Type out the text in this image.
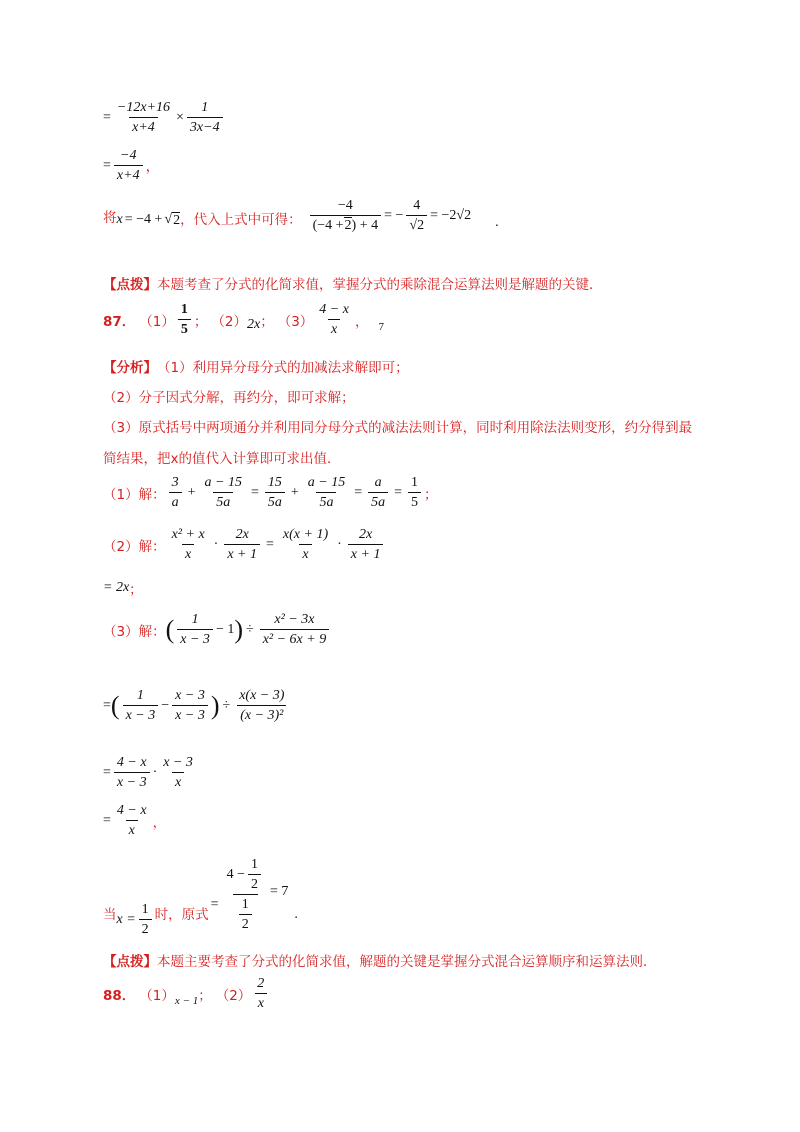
= $\frac{-12x+16}{x+4} \times \frac{1}{3x-4}$
= $\frac{-4}{x+4}$ ，
将 x = −4 + √ 2 ，代入上式中可得： $\frac{-4}{(-4 +2) + 4}$ = − $\frac{4}{√2} = -2√2$ .
【点拨】 本题考查了分式的化简求值，掌握分式的乘除混合运算法则是解题的关键．
87． $(1) \frac{1}{5}$ ； （2） 2x ； $(3) \frac{4 - x}{x}$ ， 7
【分析】 （1）利用异分母分式的加减法求解即可；
（2）分子因式分解，再约分，即可求解；
（3）原式括号中两项通分并利用同分母分式的减法法则计算，同时利用除法法则变形，约分得到最
简结果，把x的值代入计算即可求出值．
（1）解： $\frac{3}{a} + \frac{a - 15}{5a} = \frac{15}{5a} + \frac{a - 15}{5a} = \frac{a}{5a} = \frac{1}{5}$ ；
（2）解： $\frac{\text{x² + x}}{x} \cdot \frac{2x}{x + 1} = \frac{x(x + 1)}{x} \cdot \frac{2x}{x + 1}$
= 2x ；
（3）解： ( $\frac{1}{x - 3} - 1$ ) ÷ $\frac{\text{x² − 3x}}{\text{x² − 6x + 9}}$
= ( $\frac{1}{x - 3} - \frac{x - 3}{x - 3}$ ) ÷ $\frac{x(x - 3)}{\text{(x − 3)²}}$
= $\frac{4 - x}{x - 3} \cdot \frac{x - 3}{x}$
= $\frac{4 - x}{x}$ ，
当 $x = \frac{1}{2}$ 时，原式
= $\frac{4 - \frac{1}{2}}{\frac{1}{2}} = 7$
.
【点拨】 本题主要考查了分式的化简求值，解题的关键是掌握分式混合运算顺序和运算法则．
88． （1） x − 1 ； $(2) \frac{2}{x}$
